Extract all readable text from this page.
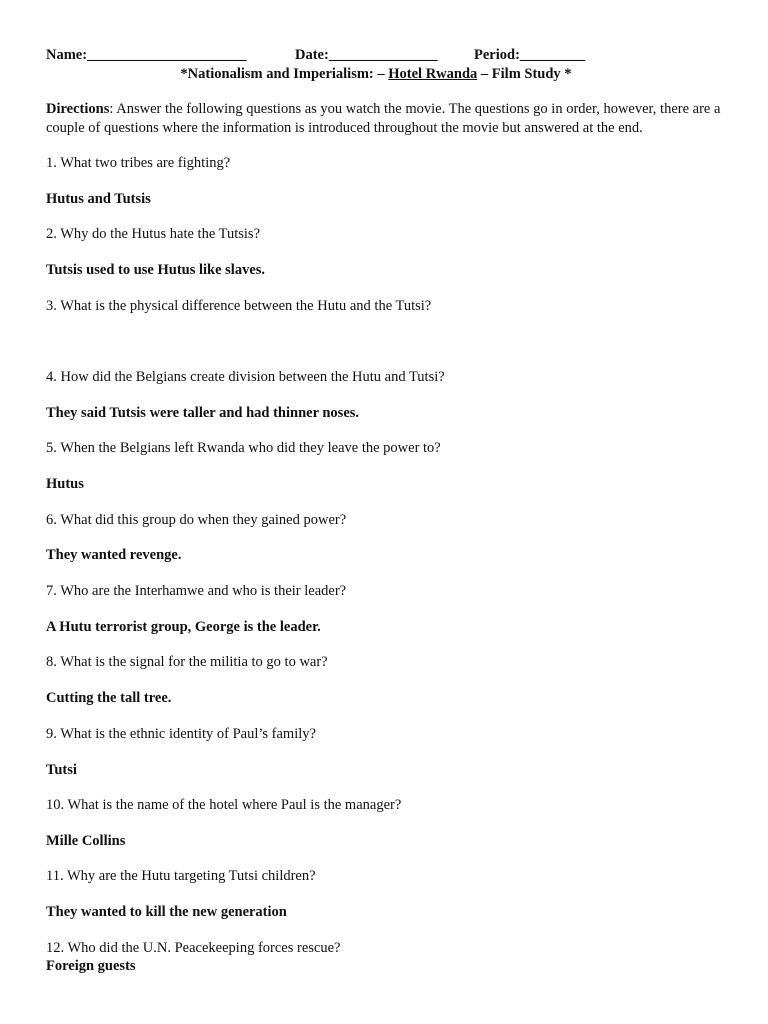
Name:______________________	Date:_______________	Period:_________
*Nationalism and Imperialism: – Hotel Rwanda – Film Study *
Directions: Answer the following questions as you watch the movie. The questions go in order, however, there are a couple of questions where the information is introduced throughout the movie but answered at the end.
1. What two tribes are fighting?
Hutus and Tutsis
2. Why do the Hutus hate the Tutsis?
Tutsis used to use Hutus like slaves.
3. What is the physical difference between the Hutu and the Tutsi?
4. How did the Belgians create division between the Hutu and Tutsi?
They said Tutsis were taller and had thinner noses.
5. When the Belgians left Rwanda who did they leave the power to?
Hutus
6. What did this group do when they gained power?
They wanted revenge.
7. Who are the Interhamwe and who is their leader?
A Hutu terrorist group, George is the leader.
8. What is the signal for the militia to go to war?
Cutting the tall tree.
9. What is the ethnic identity of Paul’s family?
Tutsi
10. What is the name of the hotel where Paul is the manager?
Mille Collins
11. Why are the Hutu targeting Tutsi children?
They wanted to kill the new generation
12. Who did the U.N. Peacekeeping forces rescue?
Foreign guests
